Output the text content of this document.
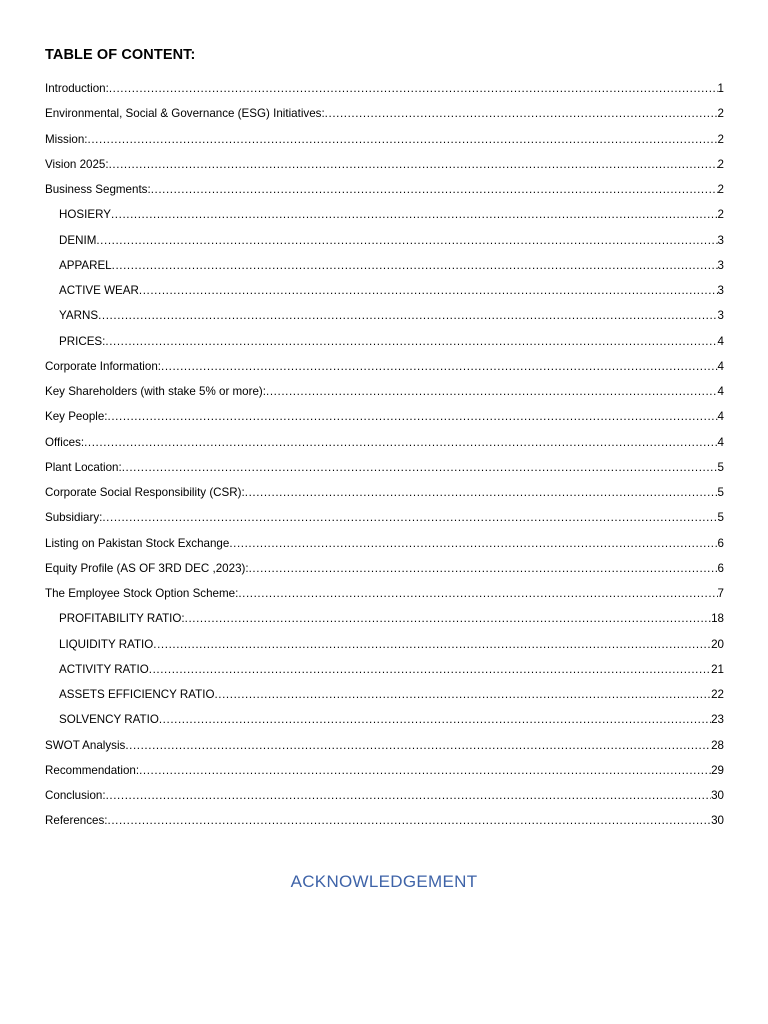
TABLE OF CONTENT:
Introduction: .....	1
Environmental, Social & Governance (ESG) Initiatives: .....	2
Mission: .....	2
Vision 2025: .....	2
Business Segments: .....	2
HOSIERY .....	2
DENIM .....	3
APPAREL .....	3
ACTIVE WEAR .....	3
YARNS .....	3
PRICES: .....	4
Corporate Information: .....	4
Key Shareholders (with stake 5% or more): .....	4
Key People: .....	4
Offices: .....	4
Plant Location: .....	5
Corporate Social Responsibility (CSR): .....	5
Subsidiary: .....	5
Listing on Pakistan Stock Exchange .....	6
Equity Profile (AS OF 3RD DEC ,2023): .....	6
The Employee Stock Option Scheme: .....	7
PROFITABILITY RATIO: .....	18
LIQUIDITY RATIO .....	20
ACTIVITY RATIO .....	21
ASSETS EFFICIENCY RATIO .....	22
SOLVENCY RATIO .....	23
SWOT Analysis .....	28
Recommendation: .....	29
Conclusion: .....	30
References: .....	30
ACKNOWLEDGEMENT
